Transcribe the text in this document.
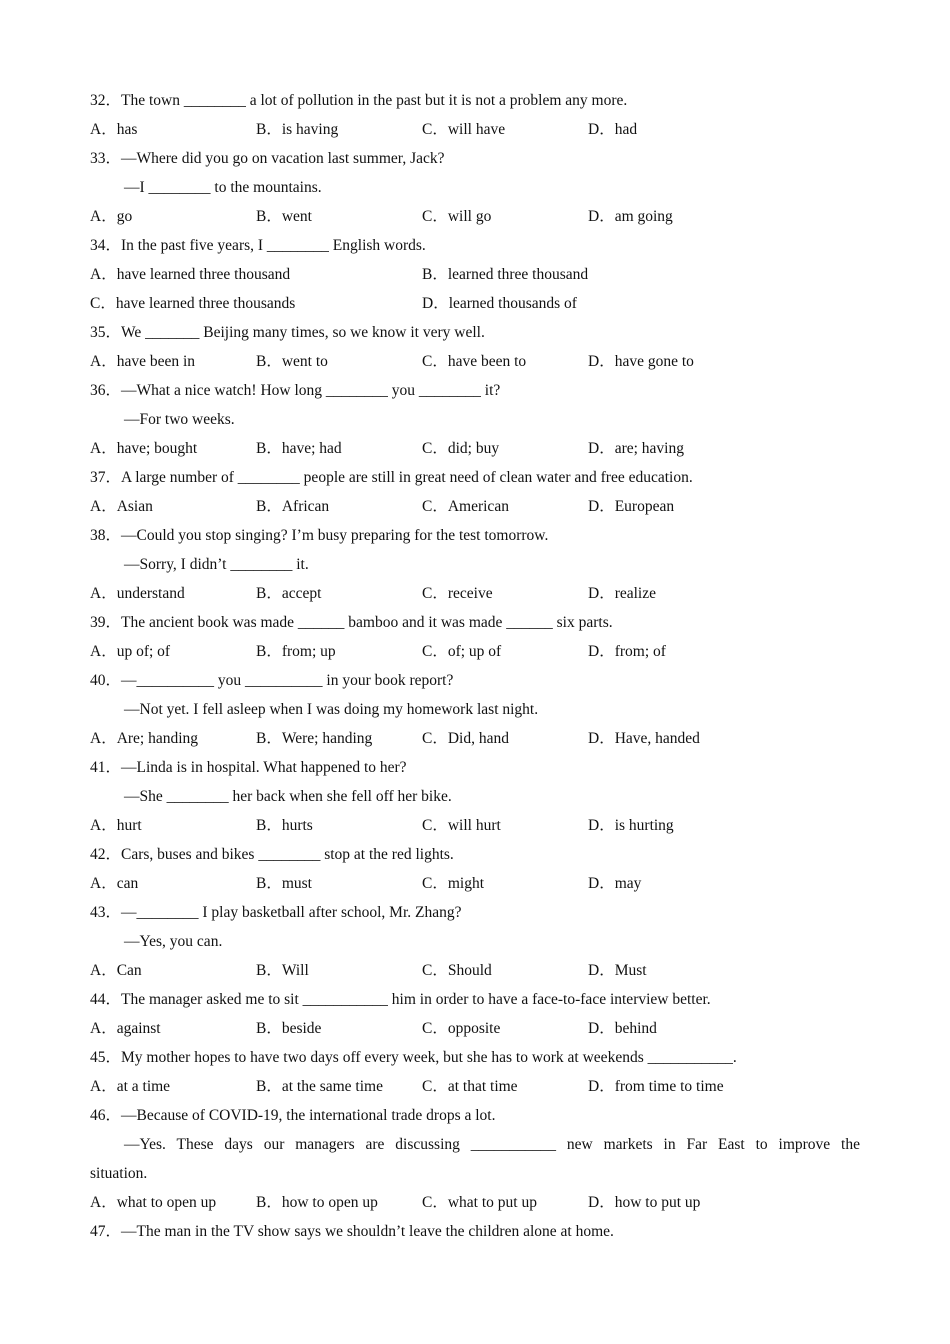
32．The town ________ a lot of pollution in the past but it is not a problem any more.
A．has	B．is having	C．will have	D．had
33．—Where did you go on vacation last summer, Jack?
—I ________ to the mountains.
A．go	B．went	C．will go	D．am going
34．In the past five years, I ________ English words.
A．have learned three thousand	B．learned three thousand
C．have learned three thousands	D．learned thousands of
35．We _______ Beijing many times, so we know it very well.
A．have been in	B．went to	C．have been to	D．have gone to
36．—What a nice watch! How long ________ you ________ it?
—For two weeks.
A．have; bought	B．have; had	C．did; buy	D．are; having
37．A large number of ________ people are still in great need of clean water and free education.
A．Asian	B．African	C．American	D．European
38．—Could you stop singing? I’m busy preparing for the test tomorrow.
—Sorry, I didn’t ________ it.
A．understand	B．accept	C．receive	D．realize
39．The ancient book was made ______ bamboo and it was made ______ six parts.
A．up of; of	B．from; up	C．of; up of	D．from; of
40．—__________ you __________ in your book report?
—Not yet. I fell asleep when I was doing my homework last night.
A．Are; handing	B．Were; handing	C．Did, hand	D．Have, handed
41．—Linda is in hospital. What happened to her?
—She ________ her back when she fell off her bike.
A．hurt	B．hurts	C．will hurt	D．is hurting
42．Cars, buses and bikes ________ stop at the red lights.
A．can	B．must	C．might	D．may
43．—________ I play basketball after school, Mr. Zhang?
—Yes, you can.
A．Can	B．Will	C．Should	D．Must
44．The manager asked me to sit ___________ him in order to have a face-to-face interview better.
A．against	B．beside	C．opposite	D．behind
45．My mother hopes to have two days off every week, but she has to work at weekends ___________.
A．at a time	B．at the same time	C．at that time	D．from time to time
46．—Because of COVID-19, the international trade drops a lot.
—Yes. These days our managers are discussing ___________ new markets in Far East to improve the
situation.
A．what to open up	B．how to open up	C．what to put up	D．how to put up
47．—The man in the TV show says we shouldn’t leave the children alone at home.
